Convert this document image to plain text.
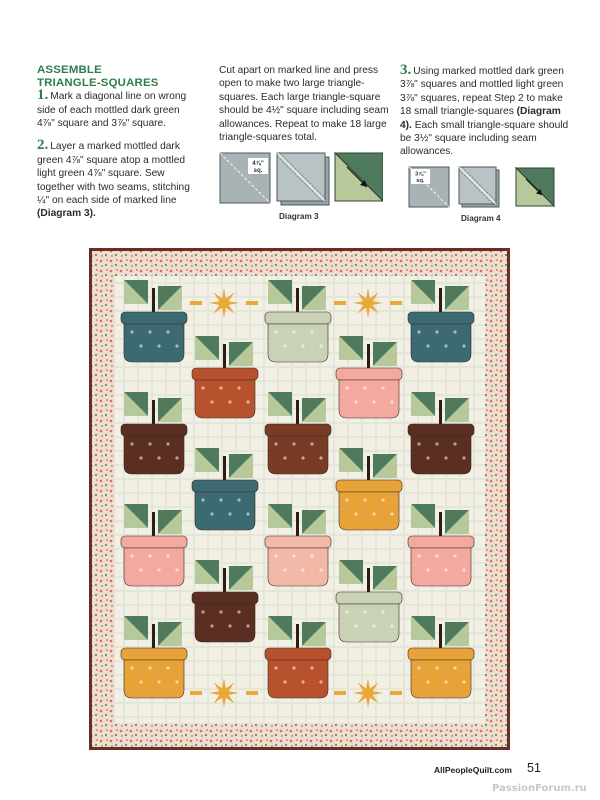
ASSEMBLE
TRIANGLE-SQUARES

1. Mark a diagonal line on wrong side of each mottled dark green 4⅞" square and 3⅞" square.

2. Layer a marked mottled dark green 4⅞" square atop a mottled light green 4⅞" square. Sew together with two seams, stitching ¼" on each side of marked line (Diagram 3).

Cut apart on marked line and press open to make two large triangle-squares. Each large triangle-square should be 4½" square including seam allowances. Repeat to make 18 large triangle-squares total.

3. Using marked mottled dark green 3⅞" squares and mottled light green 3⅞" squares, repeat Step 2 to make 18 small triangle-squares (Diagram 4). Each small triangle-square should be 3½" square including seam allowances.

4⅞"
sq.
Diagram 3
3⅞"
sq.
Diagram 4
AllPeopleQuilt.com 51
PassionForum.ru
